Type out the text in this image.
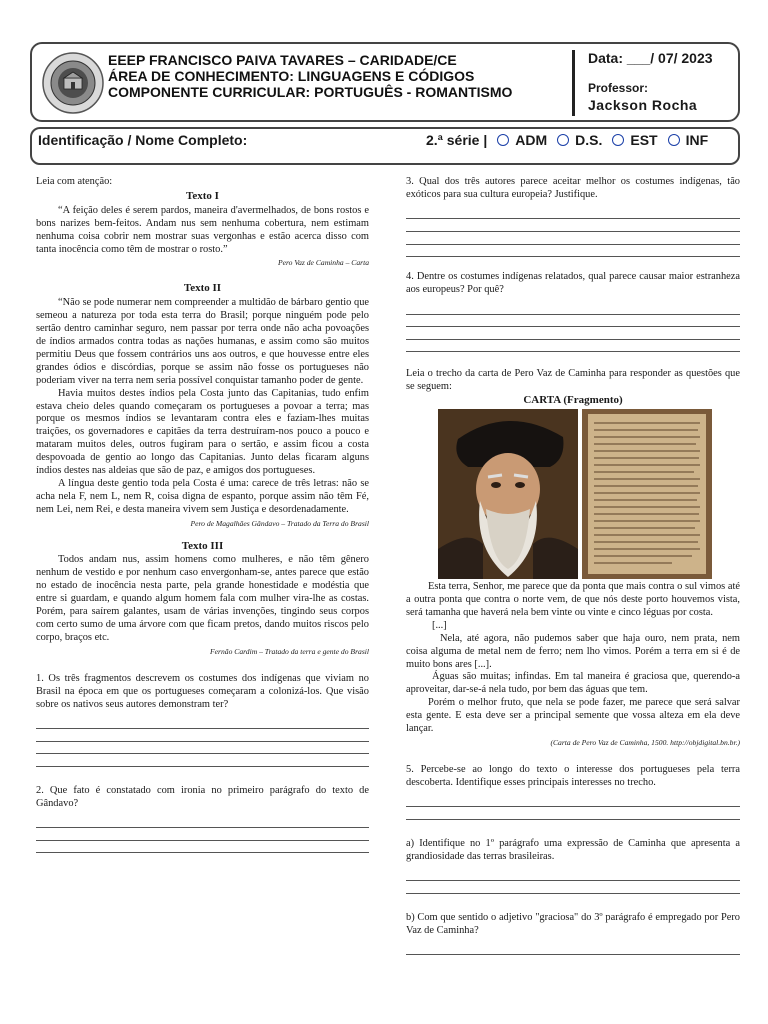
EEEP FRANCISCO PAIVA TAVARES – CARIDADE/CE
ÁREA DE CONHECIMENTO: LINGUAGENS E CÓDIGOS
COMPONENTE CURRICULAR: PORTUGUÊS - ROMANTISMO
Data: ___/ 07/ 2023
Professor:
Jackson Rocha
Identificação / Nome Completo:	2.ª série | ADM D.S. EST INF

Leia com atenção:

Texto I

“A feição deles é serem pardos, maneira d'avermelhados, de bons rostos e bons narizes bem-feitos. Andam nus sem nenhuma cobertura, nem estimam nenhuma coisa cobrir nem mostrar suas vergonhas e estão acerca disso com tanta inocência como têm de mostrar o rosto.”

Pero Vaz de Caminha – Carta

Texto II

“Não se pode numerar nem compreender a multidão de bárbaro gentio que semeou a natureza por toda esta terra do Brasil; porque ninguém pode pelo sertão dentro caminhar seguro, nem passar por terra onde não acha povoações de índios armados contra todas as nações humanas, e assim como são muitos permitiu Deus que fossem contrários uns aos outros, e que houvesse entre eles grandes ódios e discórdias, porque se assim não fosse os portugueses não poderiam viver na terra nem seria possível conquistar tamanho poder de gente.

Havia muitos destes índios pela Costa junto das Capitanias, tudo enfim estava cheio deles quando começaram os portugueses a povoar a terra; mas porque os mesmos índios se levantaram contra eles e faziam-lhes muitas traições, os governadores e capitães da terra destruíram-nos pouco a pouco e mataram muitos deles, outros fugiram para o sertão, e assim ficou a costa despovoada de gentio ao longo das Capitanias. Junto delas ficaram alguns índios destes nas aldeias que são de paz, e amigos dos portugueses.

A língua deste gentio toda pela Costa é uma: carece de três letras: não se acha nela F, nem L, nem R, coisa digna de espanto, porque assim não têm Fé, nem Lei, nem Rei, e desta maneira vivem sem Justiça e desordenadamente.

Pero de Magalhães Gândavo – Tratado da Terra do Brasil

Texto III

Todos andam nus, assim homens como mulheres, e não têm gênero nenhum de vestido e por nenhum caso envergonham-se, antes parece que estão no estado de inocência nesta parte, pela grande honestidade e modéstia que entre si guardam, e quando algum homem fala com mulher vira-lhe as costas. Porém, para saírem galantes, usam de várias invenções, tingindo seus corpos com certo sumo de uma árvore com que ficam pretos, dando muitos riscos pelo corpo, braços etc.

Fernão Cardim – Tratado da terra e gente do Brasil

1. Os três fragmentos descrevem os costumes dos indígenas que viviam no Brasil na época em que os portugueses começaram a colonizá-los. Que visão sobre os nativos seus autores demonstram ter?

2. Que fato é constatado com ironia no primeiro parágrafo do texto de Gândavo?

3. Qual dos três autores parece aceitar melhor os costumes indígenas, tão exóticos para sua cultura europeia? Justifique.

4. Dentre os costumes indígenas relatados, qual parece causar maior estranheza aos europeus? Por quê?

Leia o trecho da carta de Pero Vaz de Caminha para responder as questões que se seguem:

CARTA (Fragmento)

Esta terra, Senhor, me parece que da ponta que mais contra o sul vimos até a outra ponta que contra o norte vem, de que nós deste porto houvemos vista, será tamanha que haverá nela bem vinte ou vinte e cinco léguas por costa.

[...]

Nela, até agora, não pudemos saber que haja ouro, nem prata, nem coisa alguma de metal nem de ferro; nem lho vimos. Porém a terra em si é de muito bons ares [...].

Águas são muitas; infindas. Em tal maneira é graciosa que, querendo-a aproveitar, dar-se-á nela tudo, por bem das águas que tem.

Porém o melhor fruto, que nela se pode fazer, me parece que será salvar esta gente. E esta deve ser a principal semente que vossa alteza em ela deve lançar.

(Carta de Pero Vaz de Caminha, 1500. http://objdigital.bn.br.)

5. Percebe-se ao longo do texto o interesse dos portugueses pela terra descoberta. Identifique esses principais interesses no trecho.

a) Identifique no 1º parágrafo uma expressão de Caminha que apresenta a grandiosidade das terras brasileiras.

b) Com que sentido o adjetivo "graciosa" do 3º parágrafo é empregado por Pero Vaz de Caminha?
